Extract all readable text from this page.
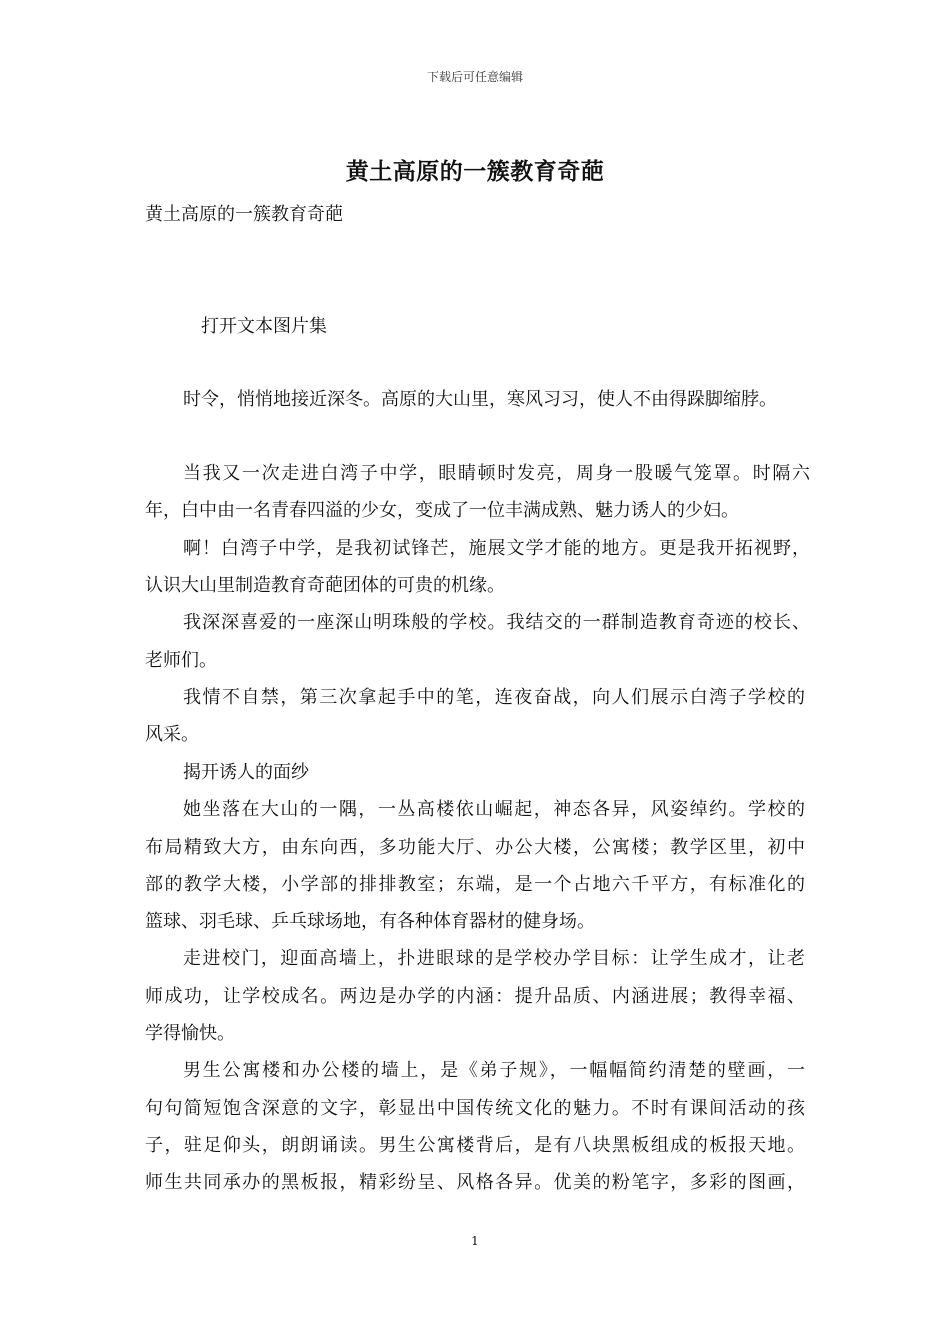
下载后可任意编辑
黄土高原的一簇教育奇葩
黄土高原的一簇教育奇葩
打开文本图片集
时令，悄悄地接近深冬。高原的大山里，寒风习习，使人不由得跺脚缩脖。
当我又一次走进白湾子中学，眼睛顿时发亮，周身一股暖气笼罩。时隔六
年，白中由一名青春四溢的少女，变成了一位丰满成熟、魅力诱人的少妇。
啊！白湾子中学，是我初试锋芒，施展文学才能的地方。更是我开拓视野，
认识大山里制造教育奇葩团体的可贵的机缘。
我深深喜爱的一座深山明珠般的学校。我结交的一群制造教育奇迹的校长、
老师们。
我情不自禁，第三次拿起手中的笔，连夜奋战，向人们展示白湾子学校的
风采。
揭开诱人的面纱
她坐落在大山的一隅，一丛高楼依山崛起，神态各异，风姿绰约。学校的
布局精致大方，由东向西，多功能大厅、办公大楼，公寓楼；教学区里，初中
部的教学大楼，小学部的排排教室；东端，是一个占地六千平方，有标准化的
篮球、羽毛球、乒乓球场地，有各种体育器材的健身场。
走进校门，迎面高墙上，扑进眼球的是学校办学目标：让学生成才，让老
师成功，让学校成名。两边是办学的内涵：提升品质、内涵进展；教得幸福、
学得愉快。
男生公寓楼和办公楼的墙上，是《弟子规》，一幅幅简约清楚的壁画，一
句句简短饱含深意的文字，彰显出中国传统文化的魅力。不时有课间活动的孩
子，驻足仰头，朗朗诵读。男生公寓楼背后，是有八块黑板组成的板报天地。
师生共同承办的黑板报，精彩纷呈、风格各异。优美的粉笔字，多彩的图画，
1
